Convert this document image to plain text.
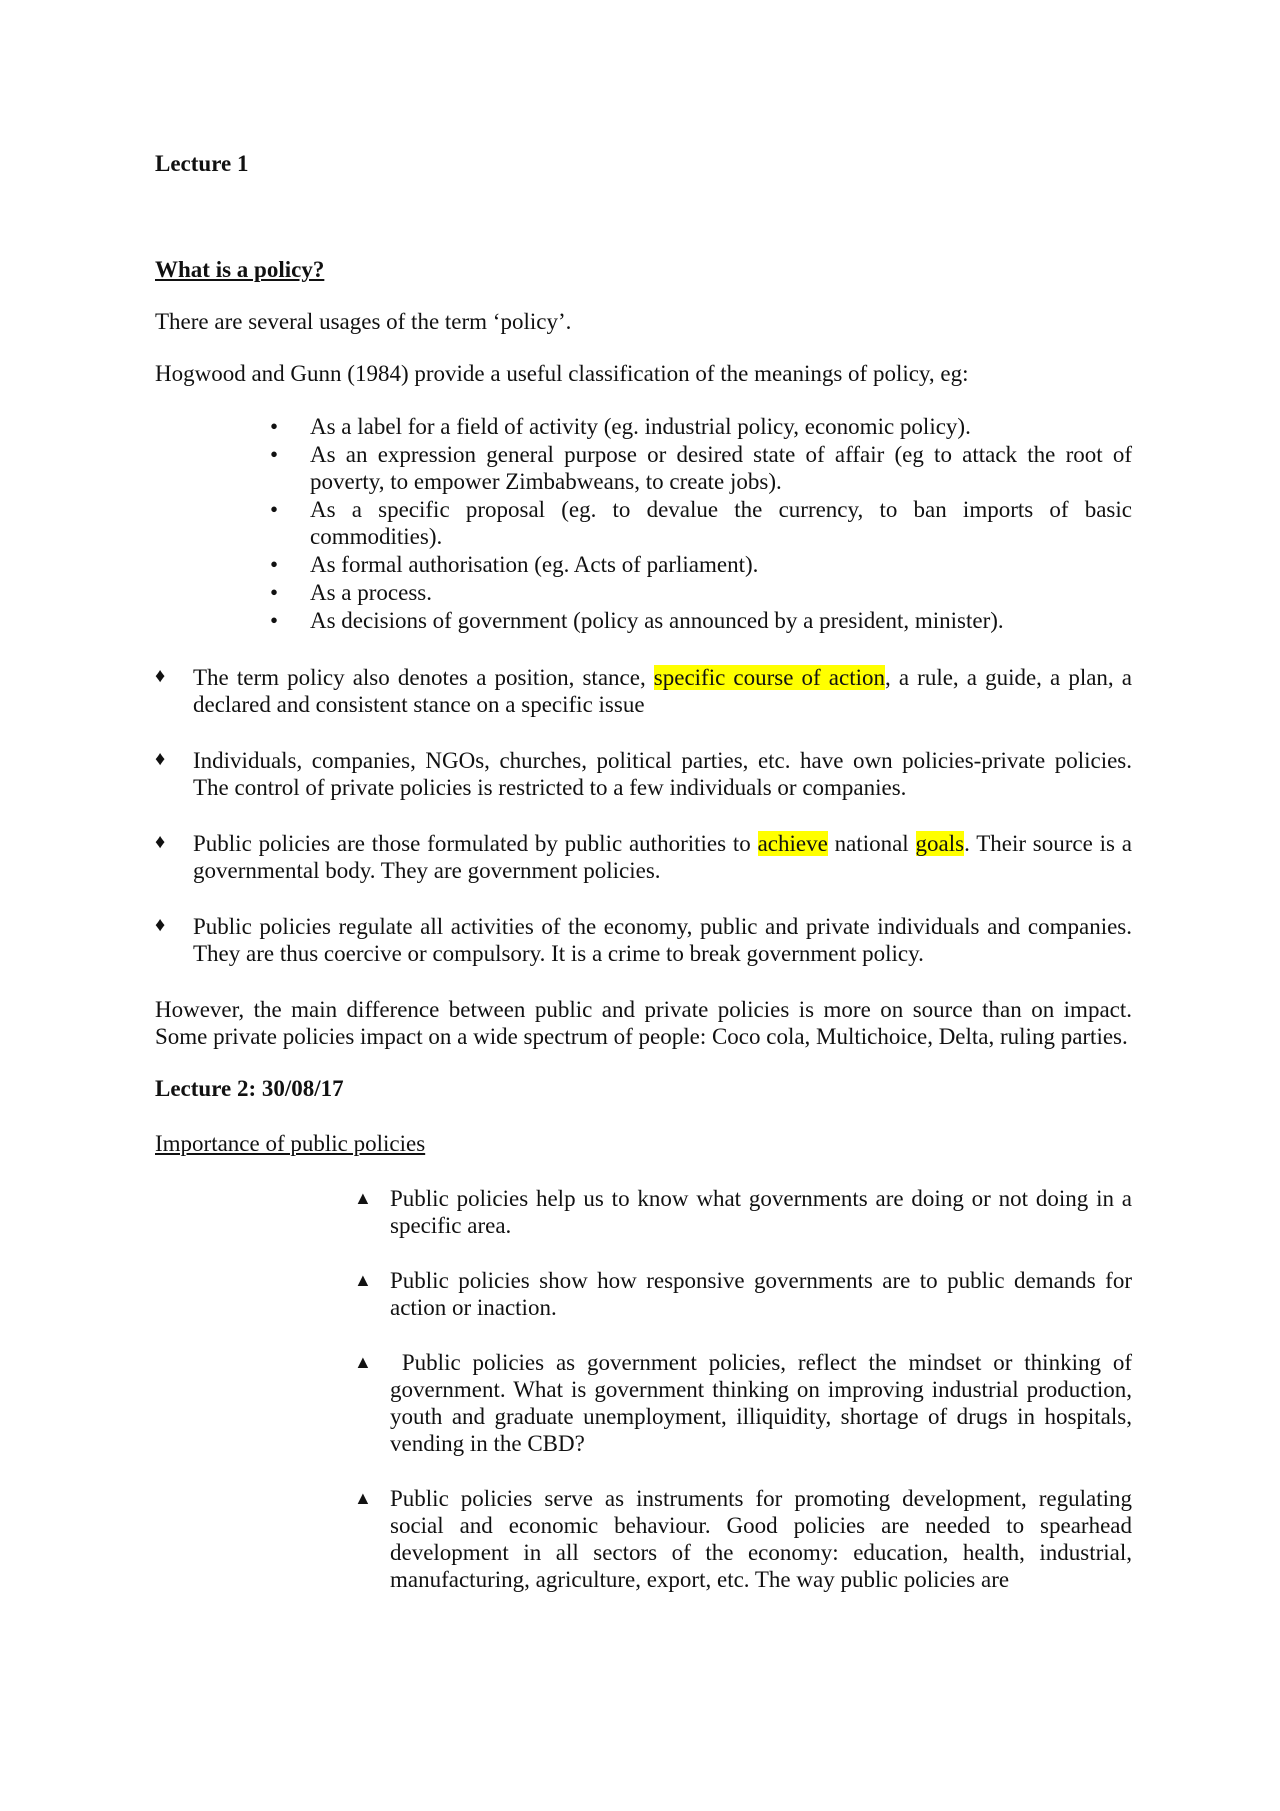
Lecture 1

What is a policy?

There are several usages of the term ‘policy’.

Hogwood and Gunn (1984) provide a useful classification of the meanings of policy, eg:

• As a label for a field of activity (eg. industrial policy, economic policy).
• As an expression general purpose or desired state of affair (eg to attack the root of poverty, to empower Zimbabweans, to create jobs).
• As a specific proposal (eg. to devalue the currency, to ban imports of basic commodities).
• As formal authorisation (eg. Acts of parliament).
• As a process.
• As decisions of government (policy as announced by a president, minister).
♦ The term policy also denotes a position, stance, specific course of action, a rule, a guide, a plan, a declared and consistent stance on a specific issue
♦ Individuals, companies, NGOs, churches, political parties, etc. have own policies-private policies. The control of private policies is restricted to a few individuals or companies.
♦ Public policies are those formulated by public authorities to achieve national goals. Their source is a governmental body. They are government policies.
♦ Public policies regulate all activities of the economy, public and private individuals and companies. They are thus coercive or compulsory. It is a crime to break government policy.

However, the main difference between public and private policies is more on source than on impact. Some private policies impact on a wide spectrum of people: Coco cola, Multichoice, Delta, ruling parties.

Lecture 2: 30/08/17

Importance of public policies

▲ Public policies help us to know what governments are doing or not doing in a specific area.
▲ Public policies show how responsive governments are to public demands for action or inaction.
▲ Public policies as government policies, reflect the mindset or thinking of government. What is government thinking on improving industrial production, youth and graduate unemployment, illiquidity, shortage of drugs in hospitals, vending in the CBD?
▲ Public policies serve as instruments for promoting development, regulating social and economic behaviour. Good policies are needed to spearhead development in all sectors of the economy: education, health, industrial, manufacturing, agriculture, export, etc. The way public policies are
